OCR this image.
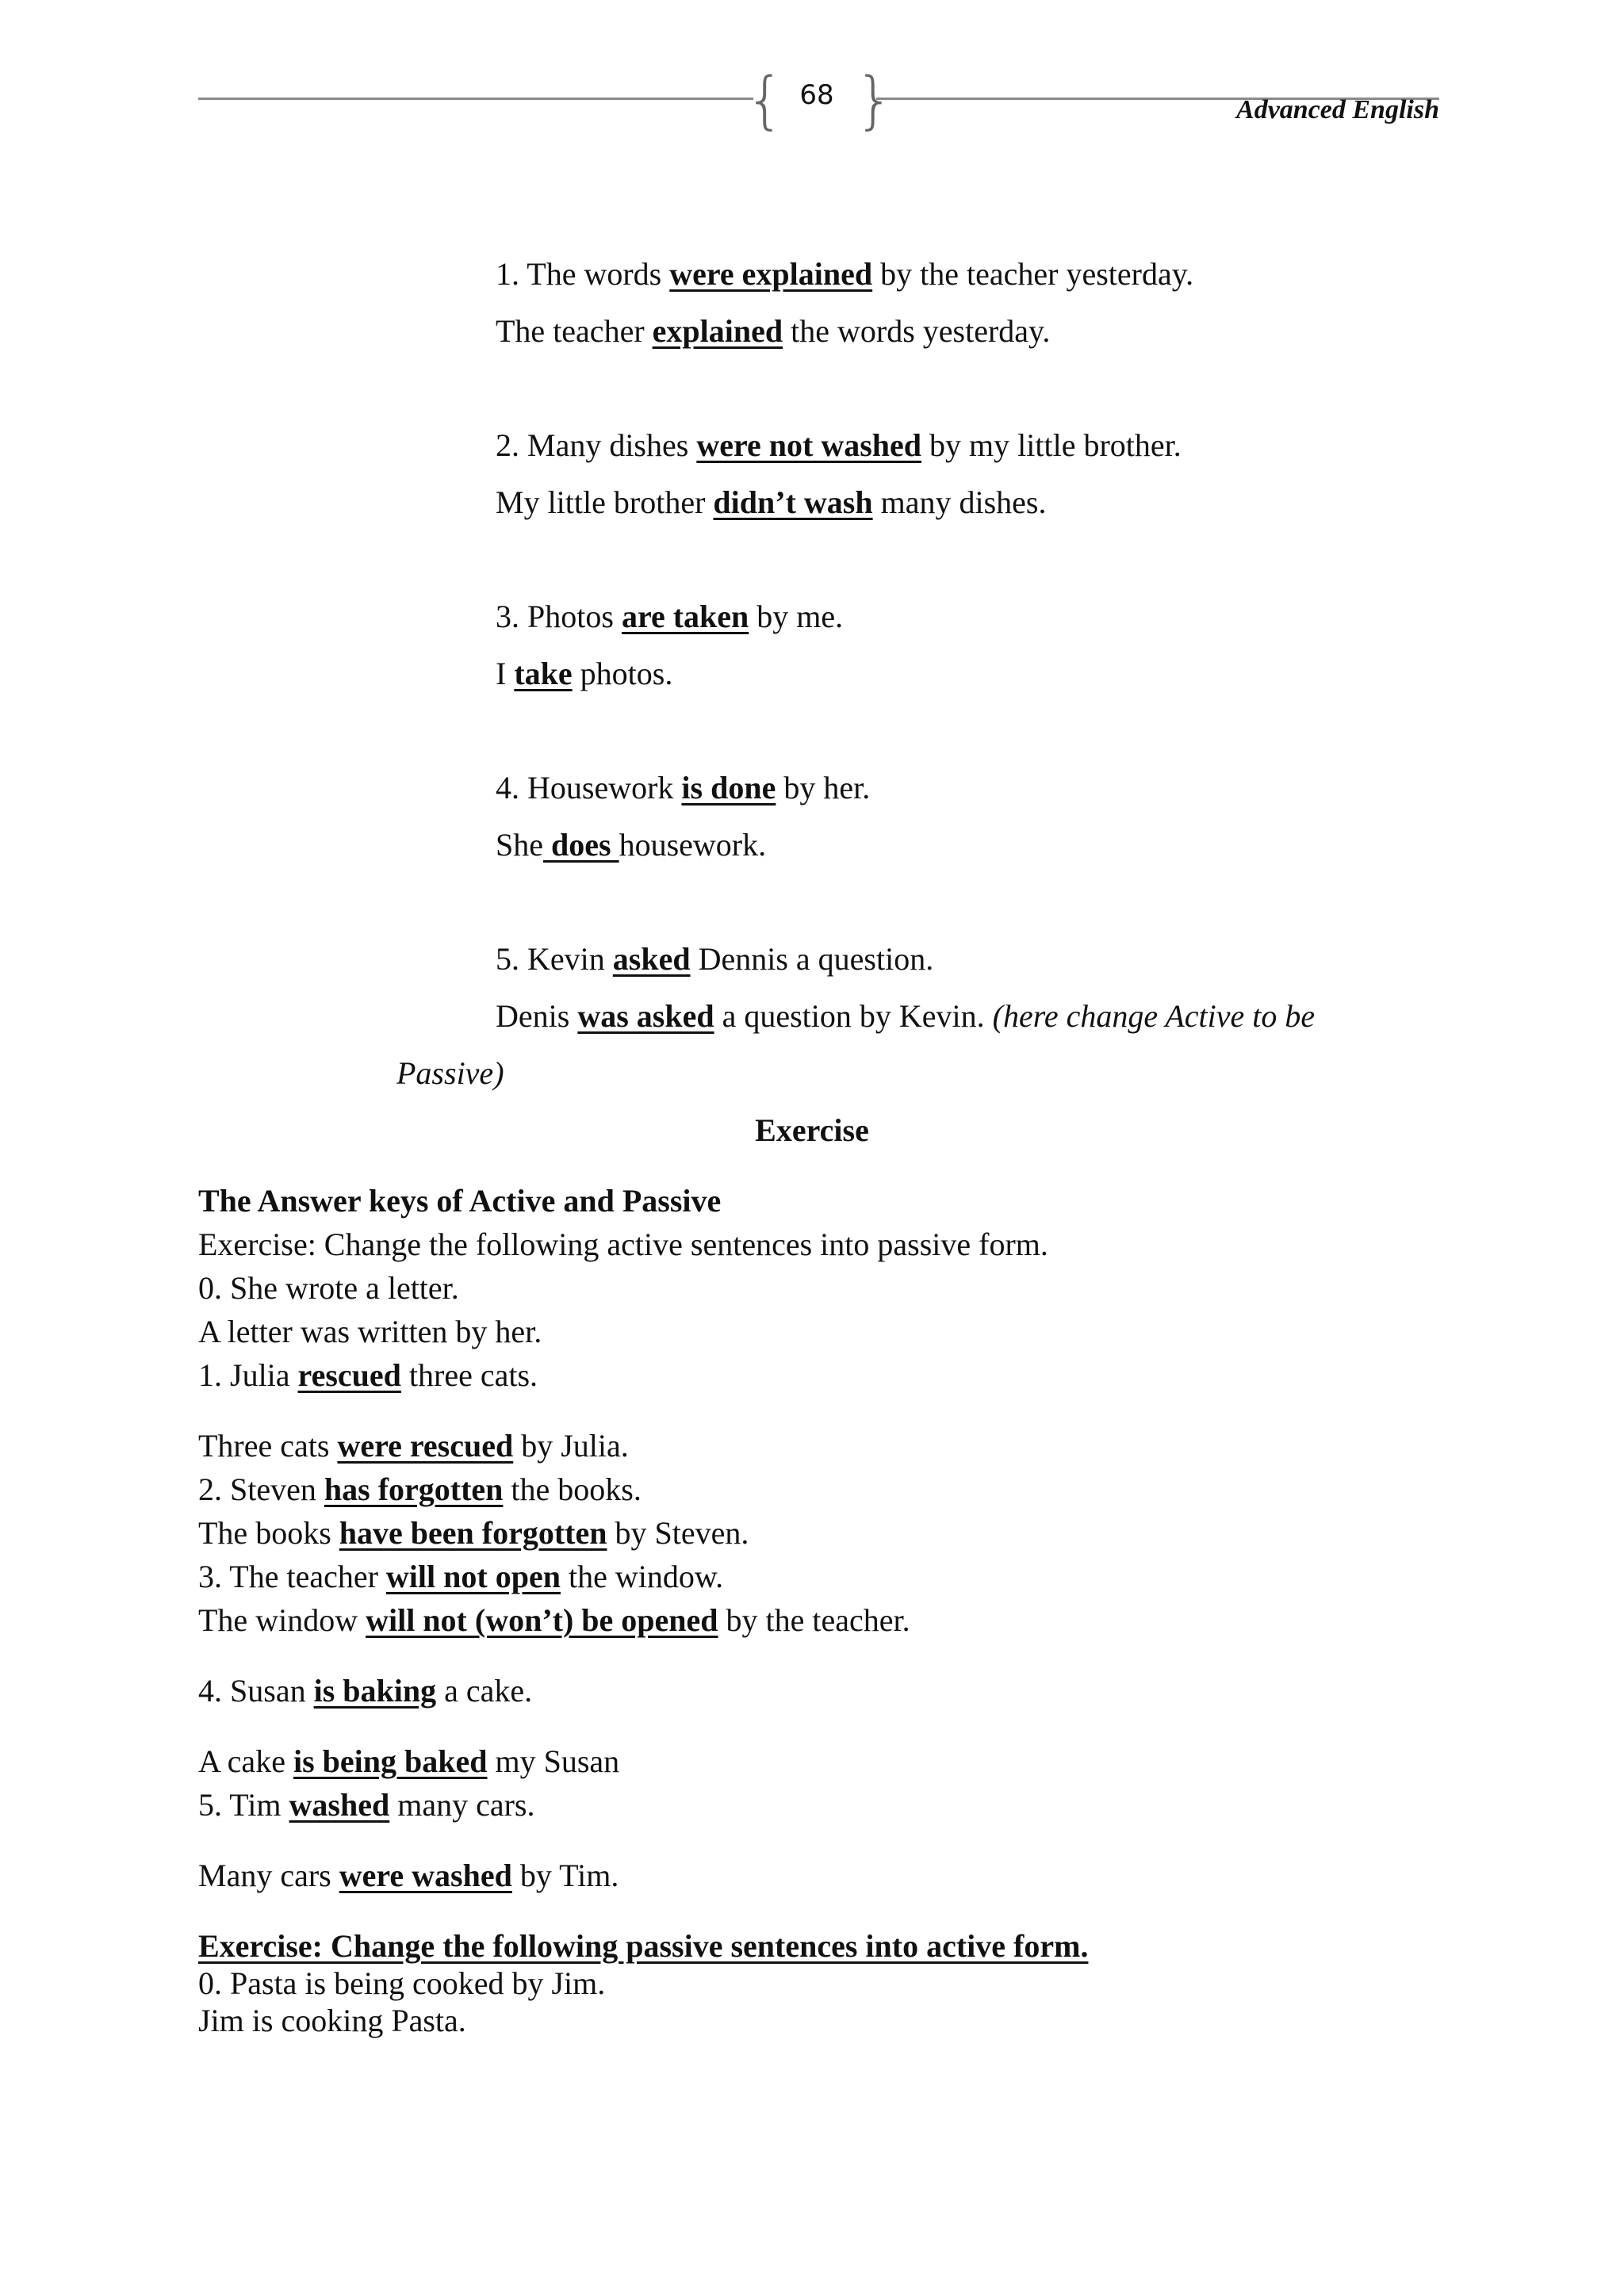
{ }
68	Advanced English

1. The words were explained by the teacher yesterday.

The teacher explained the words yesterday.

2. Many dishes were not washed by my little brother.

My little brother didn’t wash many dishes.

3. Photos are taken by me.

I take photos.

4. Housework is done by her.

She does housework.

5. Kevin asked Dennis a question.

Denis was asked a question by Kevin. (here change Active to be

Passive)

Exercise

The Answer keys of Active and Passive

Exercise: Change the following active sentences into passive form.

0. She wrote a letter.

A letter was written by her.

1. Julia rescued three cats.

Three cats were rescued by Julia.

2. Steven has forgotten the books.

The books have been forgotten by Steven.

3. The teacher will not open the window.

The window will not (won’t) be opened by the teacher.

4. Susan is baking a cake.

A cake is being baked my Susan

5. Tim washed many cars.

Many cars were washed by Tim.

Exercise: Change the following passive sentences into active form.

0. Pasta is being cooked by Jim.

Jim is cooking Pasta.
